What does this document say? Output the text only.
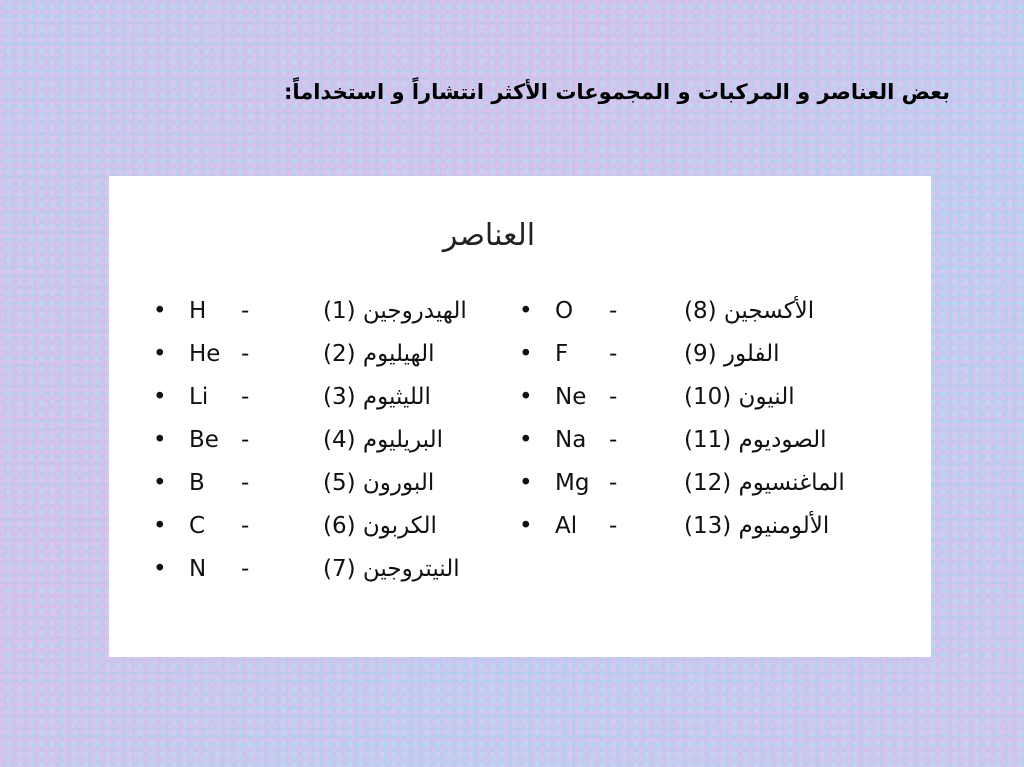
بعض العناصر و المركبات و المجموعات الأكثر انتشاراً و استخداماً:
العناصر
• H -	الهيدروجين (1)
• He -	الهيليوم (2)
• Li -	الليثيوم (3)
• Be -	البريليوم (4)
• B -	البورون (5)
• C -	الكربون (6)
• N -	النيتروجين (7)
• O -	الأكسجين (8)
• F -	الفلور (9)
• Ne -	النيون (10)
• Na -	الصوديوم (11)
• Mg -	الماغنسيوم (12)
• Al -	الألومنيوم (13)
